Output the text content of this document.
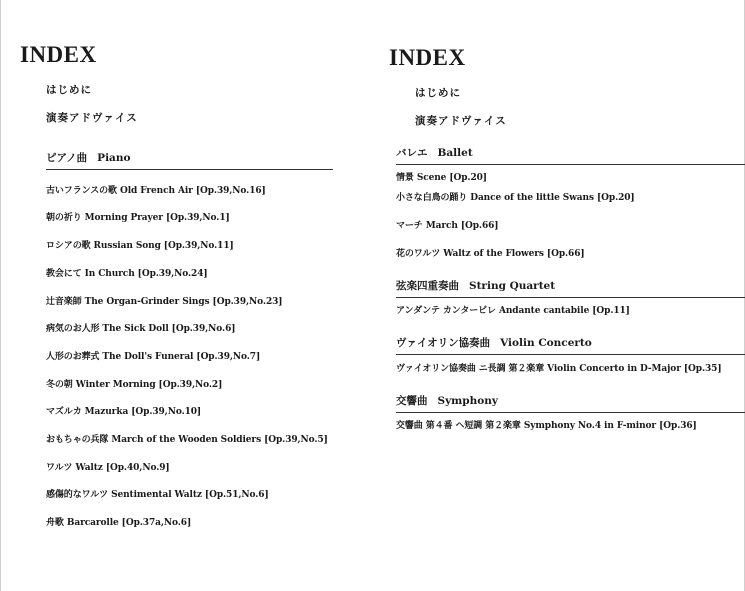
INDEX

はじめに

演奏アドヴァイス

ピアノ曲 Piano
古いフランスの歌 Old French Air [Op.39,No.16]
朝の祈り Morning Prayer [Op.39,No.1]
ロシアの歌 Russian Song [Op.39,No.11]
教会にて In Church [Op.39,No.24]
辻音楽師 The Organ-Grinder Sings [Op.39,No.23]
病気のお人形 The Sick Doll [Op.39,No.6]
人形のお葬式 The Doll's Funeral [Op.39,No.7]
冬の朝 Winter Morning [Op.39,No.2]
マズルカ Mazurka [Op.39,No.10]
おもちゃの兵隊 March of the Wooden Soldiers [Op.39,No.5]
ワルツ Waltz [Op.40,No.9]
感傷的なワルツ Sentimental Waltz [Op.51,No.6]
舟歌 Barcarolle [Op.37a,No.6]
INDEX

はじめに

演奏アドヴァイス

バレエ Ballet
情景 Scene [Op.20]
小さな白鳥の踊り Dance of the little Swans [Op.20]
マーチ March [Op.66]
花のワルツ Waltz of the Flowers [Op.66]
弦楽四重奏曲 String Quartet
アンダンテ カンタービレ Andante cantabile [Op.11]
ヴァイオリン協奏曲 Violin Concerto
ヴァイオリン協奏曲 ニ長調 第２楽章 Violin Concerto in D-Major [Op.35]
交響曲 Symphony
交響曲 第４番 ヘ短調 第２楽章 Symphony No.4 in F-minor [Op.36]
